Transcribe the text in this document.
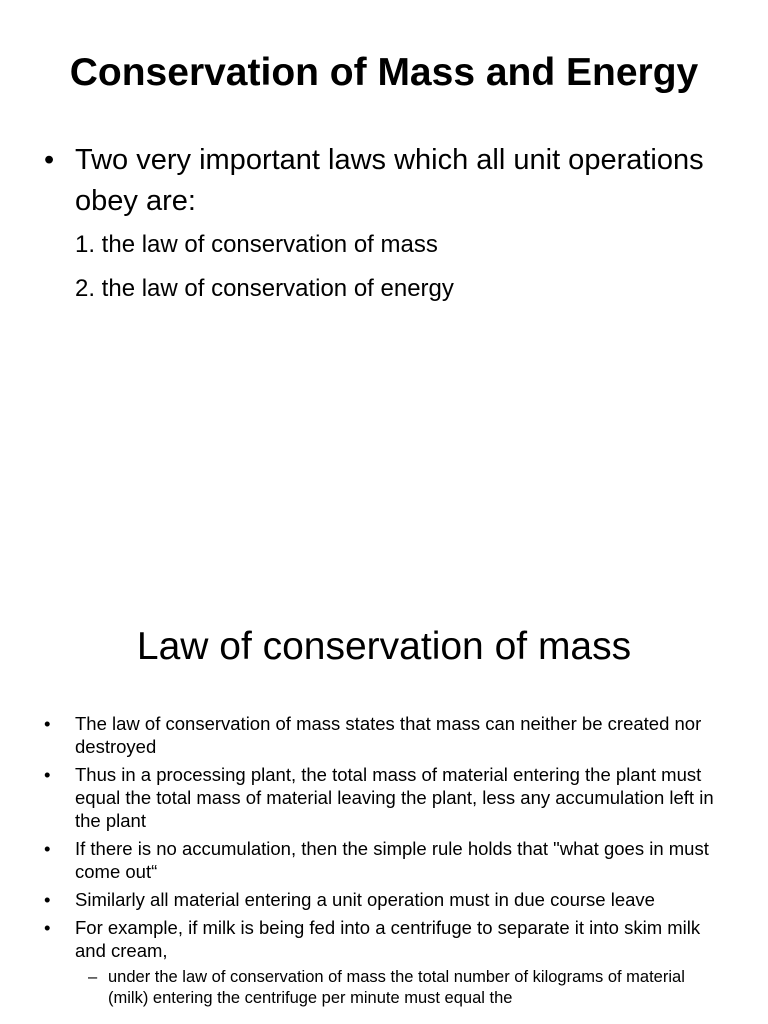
Conservation of Mass and Energy
• Two very important laws which all unit operations obey are:
1. the law of conservation of mass
2. the law of conservation of energy
Law of conservation of mass
• The law of conservation of mass states that mass can neither be created nor destroyed
• Thus in a processing plant, the total mass of material entering the plant must equal the total mass of material leaving the plant, less any accumulation left in the plant
• If there is no accumulation, then the simple rule holds that "what goes in must come out“
• Similarly all material entering a unit operation must in due course leave
• For example, if milk is being fed into a centrifuge to separate it into skim milk and cream,
– under the law of conservation of mass the total number of kilograms of material (milk) entering the centrifuge per minute must equal the
